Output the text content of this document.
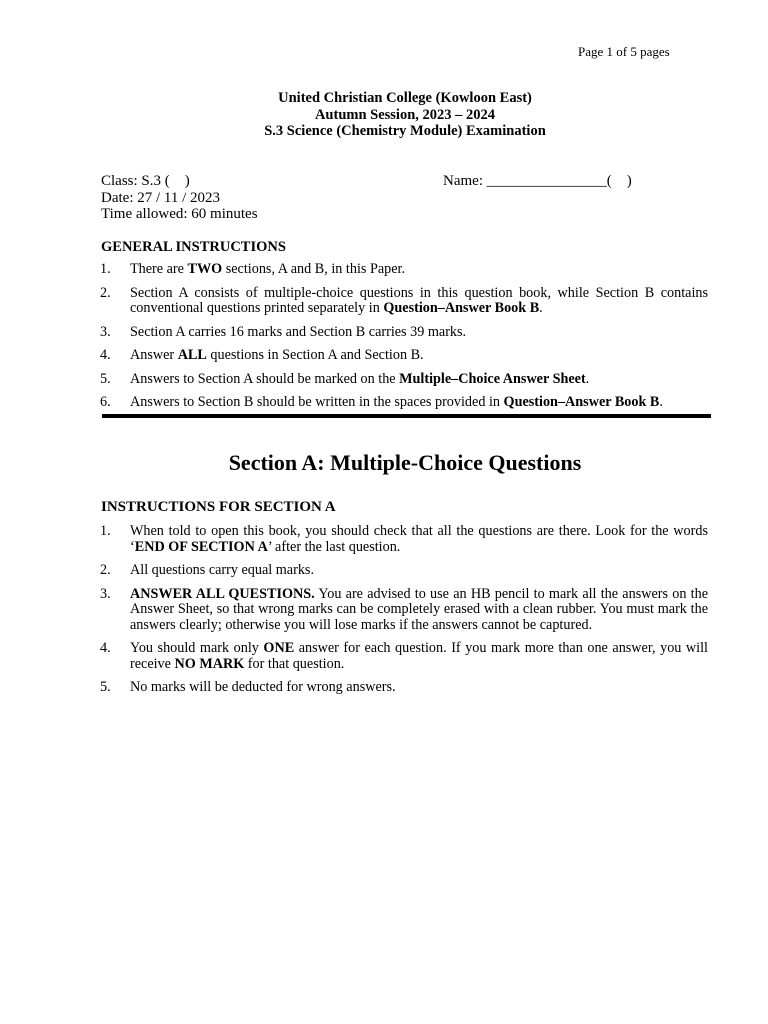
Page 1 of 5 pages
United Christian College (Kowloon East)
Autumn Session, 2023 – 2024
S.3 Science (Chemistry Module) Examination
Class: S.3 (    )
Date: 27 / 11 / 2023
Time allowed: 60 minutes
Name: ________________(    )
GENERAL INSTRUCTIONS
1. There are TWO sections, A and B, in this Paper.
2. Section A consists of multiple-choice questions in this question book, while Section B contains conventional questions printed separately in Question–Answer Book B.
3. Section A carries 16 marks and Section B carries 39 marks.
4. Answer ALL questions in Section A and Section B.
5. Answers to Section A should be marked on the Multiple–Choice Answer Sheet.
6. Answers to Section B should be written in the spaces provided in Question–Answer Book B.
Section A: Multiple-Choice Questions
INSTRUCTIONS FOR SECTION A
1. When told to open this book, you should check that all the questions are there. Look for the words ‘END OF SECTION A’ after the last question.
2. All questions carry equal marks.
3. ANSWER ALL QUESTIONS. You are advised to use an HB pencil to mark all the answers on the Answer Sheet, so that wrong marks can be completely erased with a clean rubber. You must mark the answers clearly; otherwise you will lose marks if the answers cannot be captured.
4. You should mark only ONE answer for each question. If you mark more than one answer, you will receive NO MARK for that question.
5. No marks will be deducted for wrong answers.
